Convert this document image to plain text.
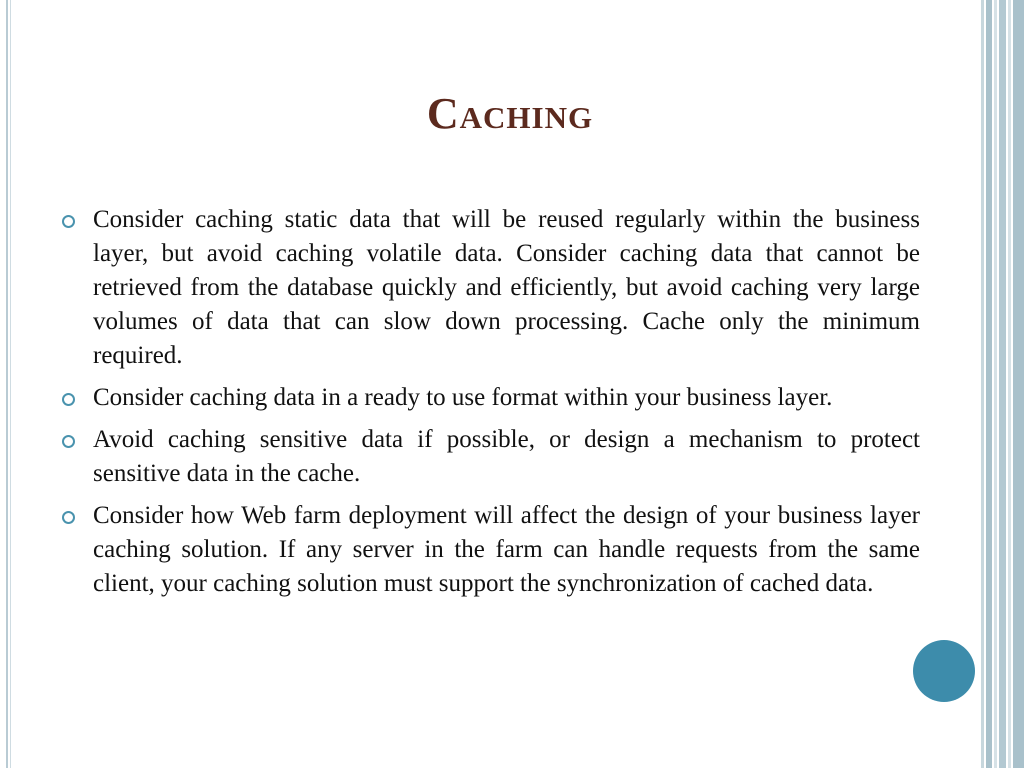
Caching
Consider caching static data that will be reused regularly within the business layer, but avoid caching volatile data. Consider caching data that cannot be retrieved from the database quickly and efficiently, but avoid caching very large volumes of data that can slow down processing. Cache only the minimum required.
Consider caching data in a ready to use format within your business layer.
Avoid caching sensitive data if possible, or design a mechanism to protect sensitive data in the cache.
Consider how Web farm deployment will affect the design of your business layer caching solution. If any server in the farm can handle requests from the same client, your caching solution must support the synchronization of cached data.
